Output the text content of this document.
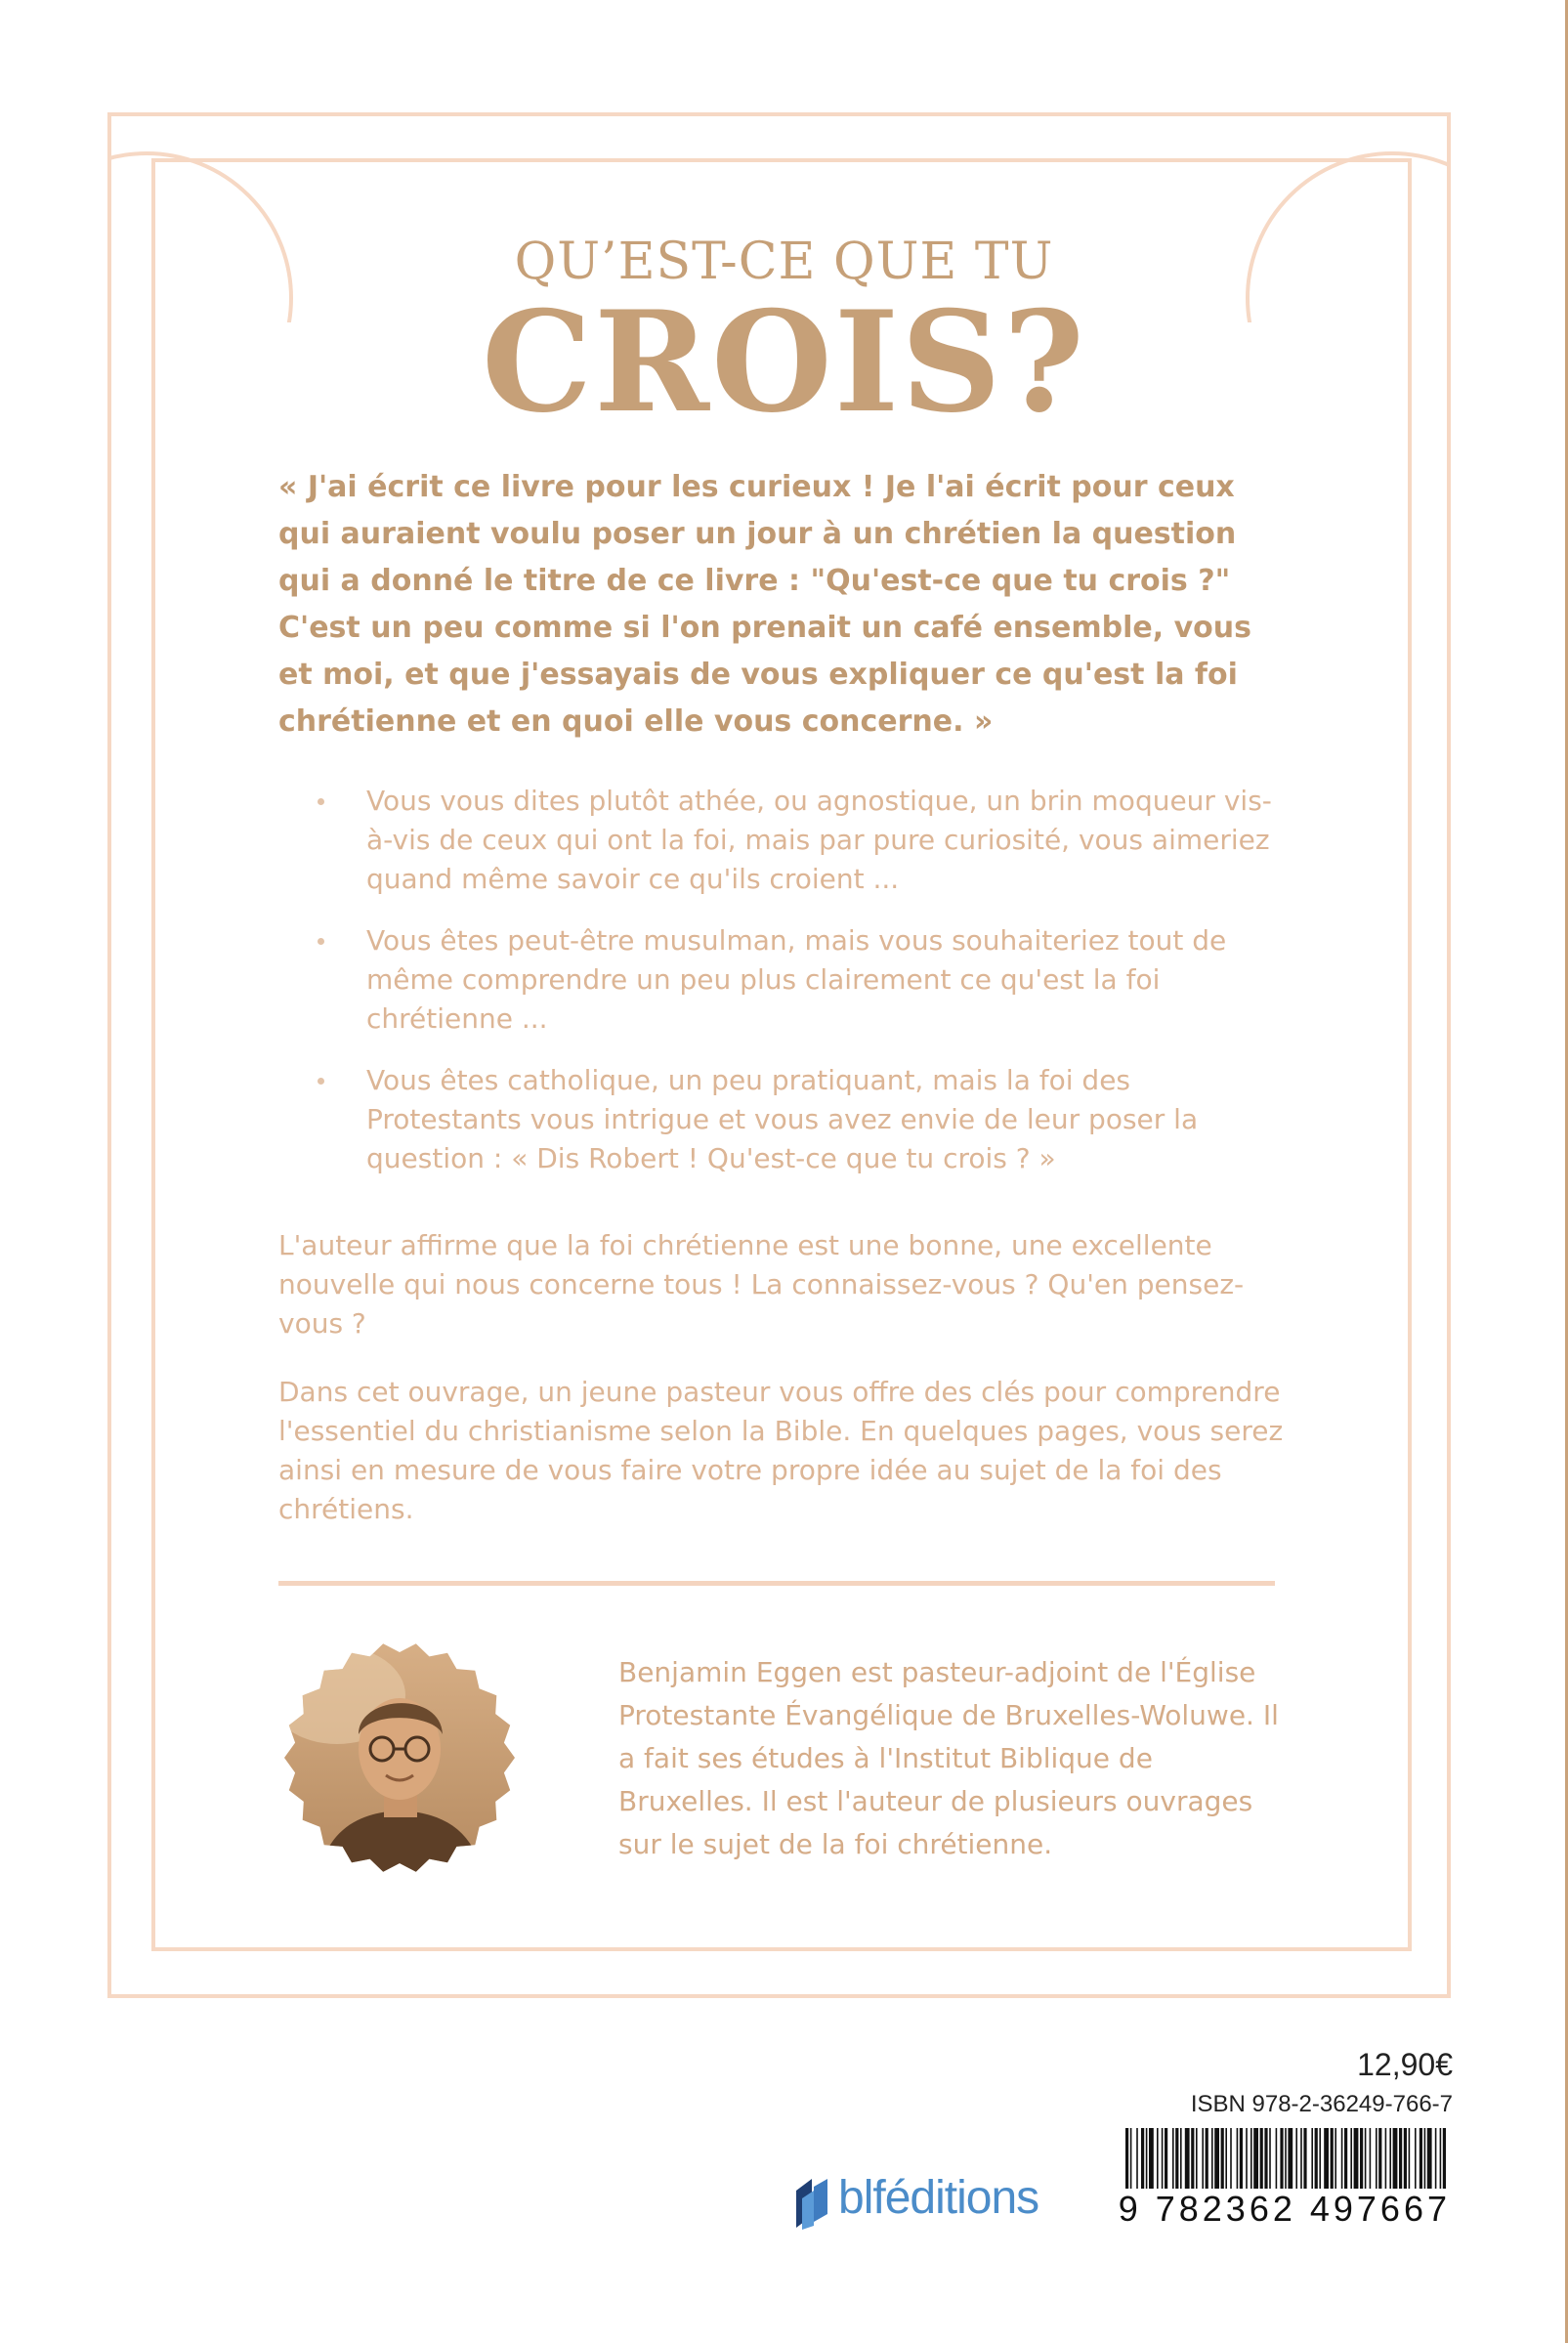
QU’EST-CE QUE TU
CROIS?

« J'ai écrit ce livre pour les curieux ! Je l'ai écrit pour ceux qui auraient voulu poser un jour à un chrétien la question qui a donné le titre de ce livre : "Qu'est-ce que tu crois ?" C'est un peu comme si l'on prenait un café ensemble, vous et moi, et que j'essayais de vous expliquer ce qu'est la foi chrétienne et en quoi elle vous concerne. »

Vous vous dites plutôt athée, ou agnostique, un brin moqueur vis-à-vis de ceux qui ont la foi, mais par pure curiosité, vous aimeriez quand même savoir ce qu'ils croient ...
Vous êtes peut-être musulman, mais vous souhaiteriez tout de même comprendre un peu plus clairement ce qu'est la foi chrétienne ...
Vous êtes catholique, un peu pratiquant, mais la foi des Protestants vous intrigue et vous avez envie de leur poser la question : « Dis Robert ! Qu'est-ce que tu crois ? »

L'auteur affirme que la foi chrétienne est une bonne, une excellente nouvelle qui nous concerne tous ! La connaissez-vous ? Qu'en pensez-vous ?

Dans cet ouvrage, un jeune pasteur vous offre des clés pour comprendre l'essentiel du christianisme selon la Bible. En quelques pages, vous serez ainsi en mesure de vous faire votre propre idée au sujet de la foi des chrétiens.

Benjamin Eggen est pasteur-adjoint de l'Église Protestante Évangélique de Bruxelles-Woluwe. Il a fait ses études à l'Institut Biblique de Bruxelles. Il est l'auteur de plusieurs ouvrages sur le sujet de la foi chrétienne.

12,90€
ISBN 978-2-36249-766-7
9 782362 497667
blféditions
